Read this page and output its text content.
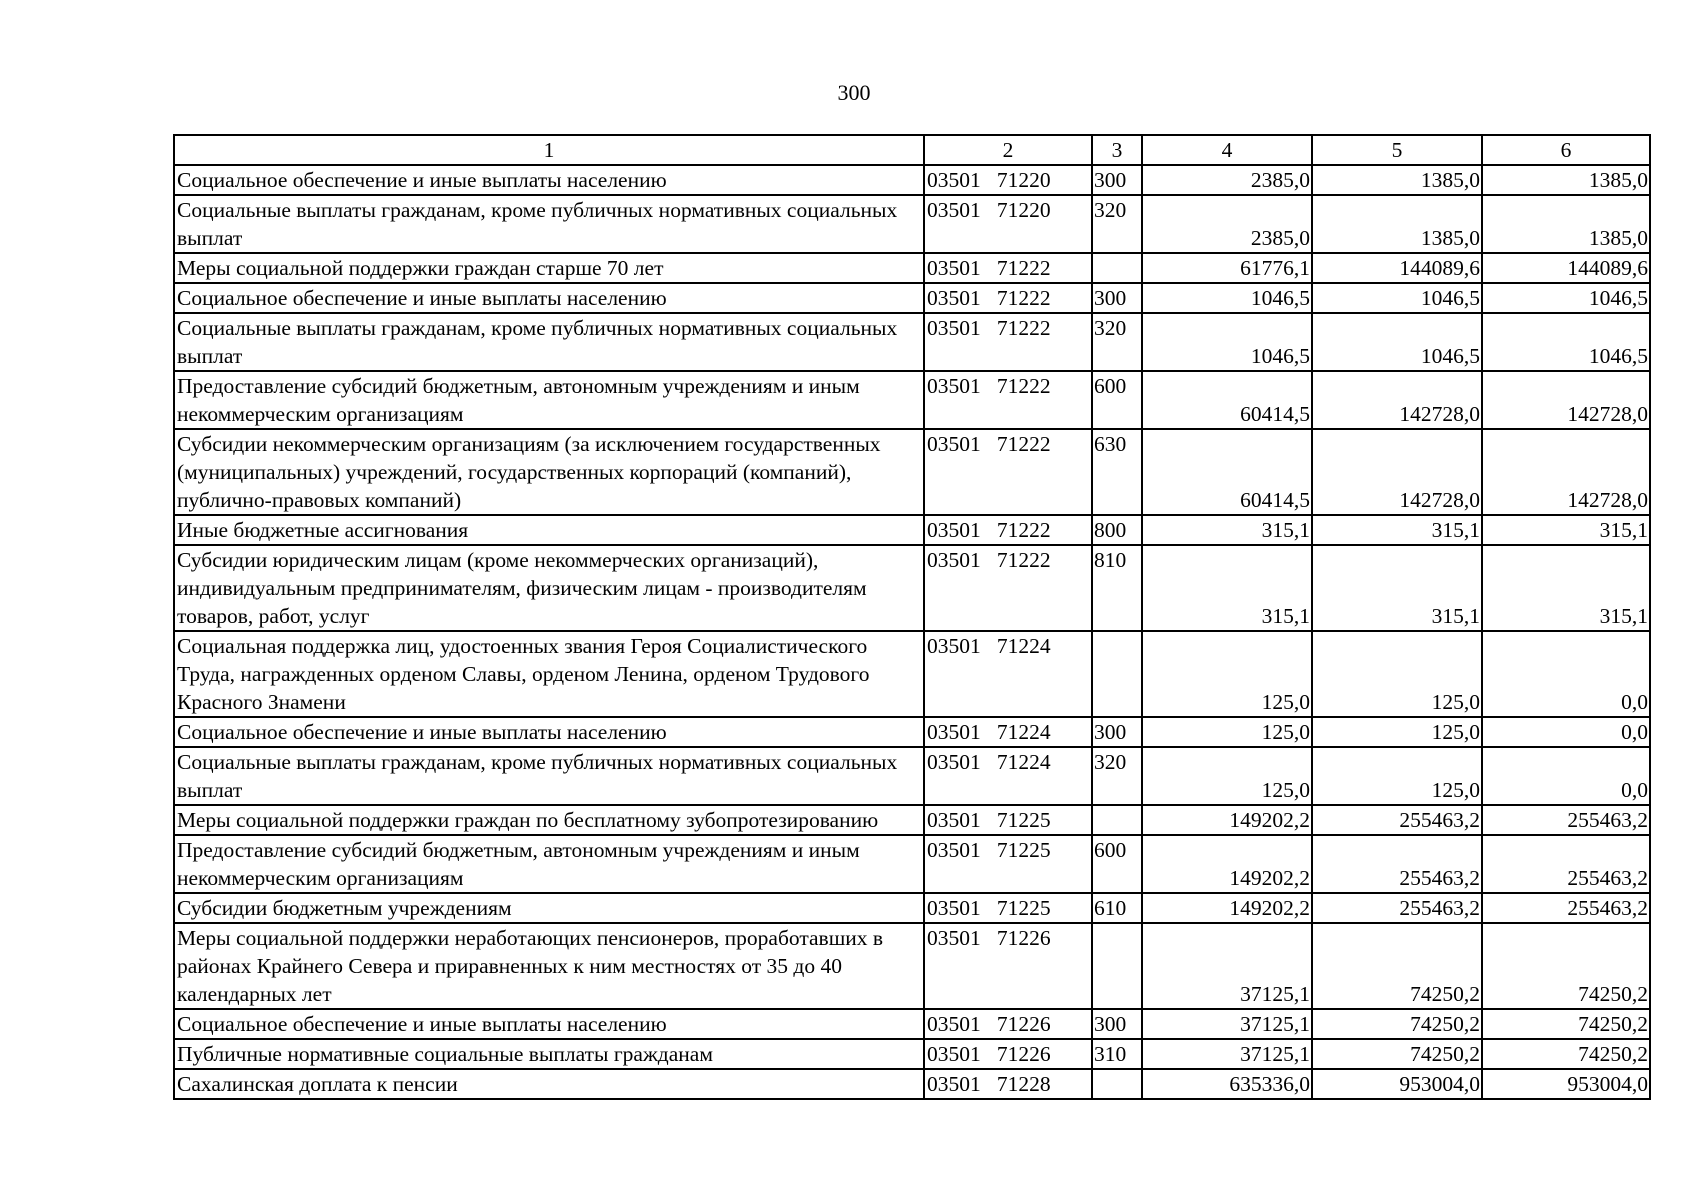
300
1	2	3	4	5	6
Социальное обеспечение и иные выплаты населению	03501   71220	300	2385,0	1385,0	1385,0
Социальные выплаты гражданам, кроме публичных нормативных социальных выплат	03501   71220	320	2385,0	1385,0	1385,0
Меры социальной поддержки граждан старше 70 лет	03501   71222		61776,1	144089,6	144089,6
Социальное обеспечение и иные выплаты населению	03501   71222	300	1046,5	1046,5	1046,5
Социальные выплаты гражданам, кроме публичных нормативных социальных выплат	03501   71222	320	1046,5	1046,5	1046,5
Предоставление субсидий бюджетным, автономным учреждениям и иным некоммерческим организациям	03501   71222	600	60414,5	142728,0	142728,0
Субсидии некоммерческим организациям (за исключением государственных (муниципальных) учреждений, государственных корпораций (компаний), публично-правовых компаний)	03501   71222	630	60414,5	142728,0	142728,0
Иные бюджетные ассигнования	03501   71222	800	315,1	315,1	315,1
Субсидии юридическим лицам (кроме некоммерческих организаций), индивидуальным предпринимателям, физическим лицам - производителям товаров, работ, услуг	03501   71222	810	315,1	315,1	315,1
Социальная поддержка лиц, удостоенных звания Героя Социалистического Труда, награжденных орденом Славы, орденом Ленина, орденом Трудового Красного Знамени	03501   71224		125,0	125,0	0,0
Социальное обеспечение и иные выплаты населению	03501   71224	300	125,0	125,0	0,0
Социальные выплаты гражданам, кроме публичных нормативных социальных выплат	03501   71224	320	125,0	125,0	0,0
Меры социальной поддержки граждан по бесплатному зубопротезированию	03501   71225		149202,2	255463,2	255463,2
Предоставление субсидий бюджетным, автономным учреждениям и иным некоммерческим организациям	03501   71225	600	149202,2	255463,2	255463,2
Субсидии бюджетным учреждениям	03501   71225	610	149202,2	255463,2	255463,2
Меры социальной поддержки неработающих пенсионеров, проработавших в районах Крайнего Севера и приравненных к ним местностях от 35 до 40 календарных лет	03501   71226		37125,1	74250,2	74250,2
Социальное обеспечение и иные выплаты населению	03501   71226	300	37125,1	74250,2	74250,2
Публичные нормативные социальные выплаты гражданам	03501   71226	310	37125,1	74250,2	74250,2
Сахалинская доплата к пенсии	03501   71228		635336,0	953004,0	953004,0
